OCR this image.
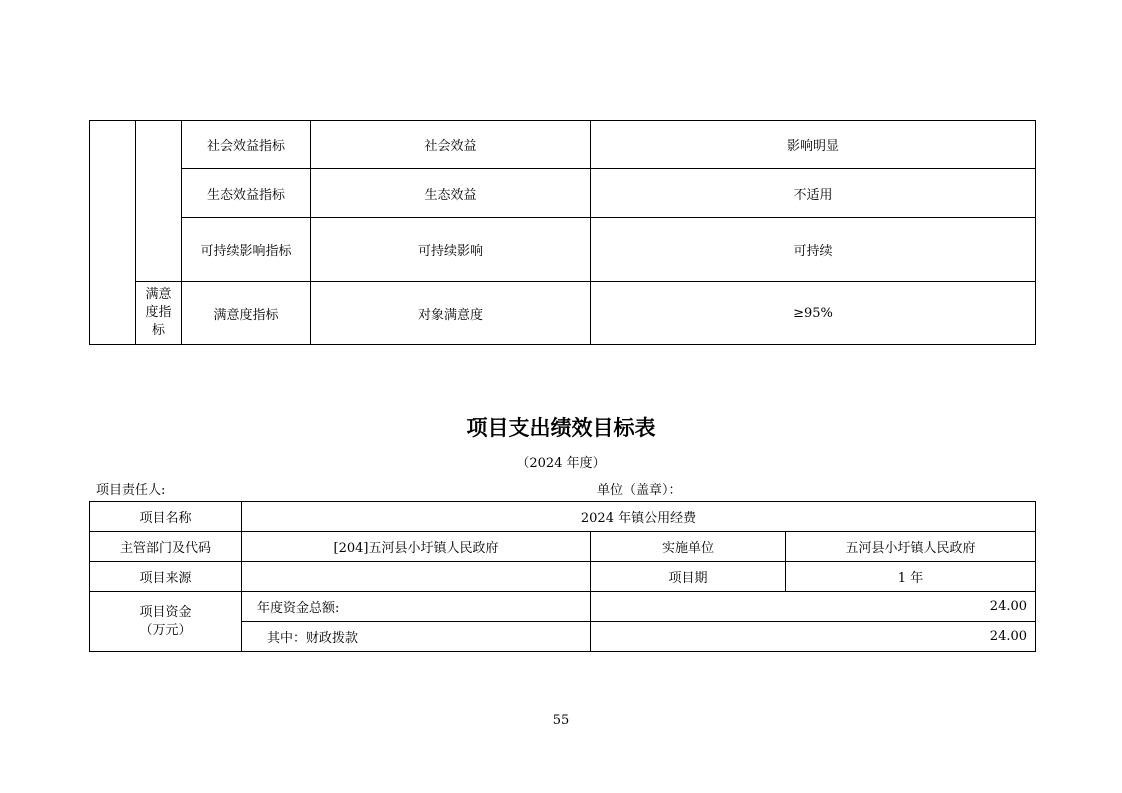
		社会效益指标	社会效益	影响明显
		生态效益指标	生态效益	不适用
		可持续影响指标	可持续影响	可持续

	满意
度指
标	满意度指标	对象满意度	≥95%
项目支出绩效目标表
（2024 年度）
项目责任人:	单位（盖章）：
项目名称	2024 年镇公用经费		
主管部门及代码	[204]五河县小圩镇人民政府	实施单位	五河县小圩镇人民政府
项目来源		项目期	1 年

项目资金
（万元）	年度资金总额:	24.00	
	其中：财政拨款	24.00	
55
